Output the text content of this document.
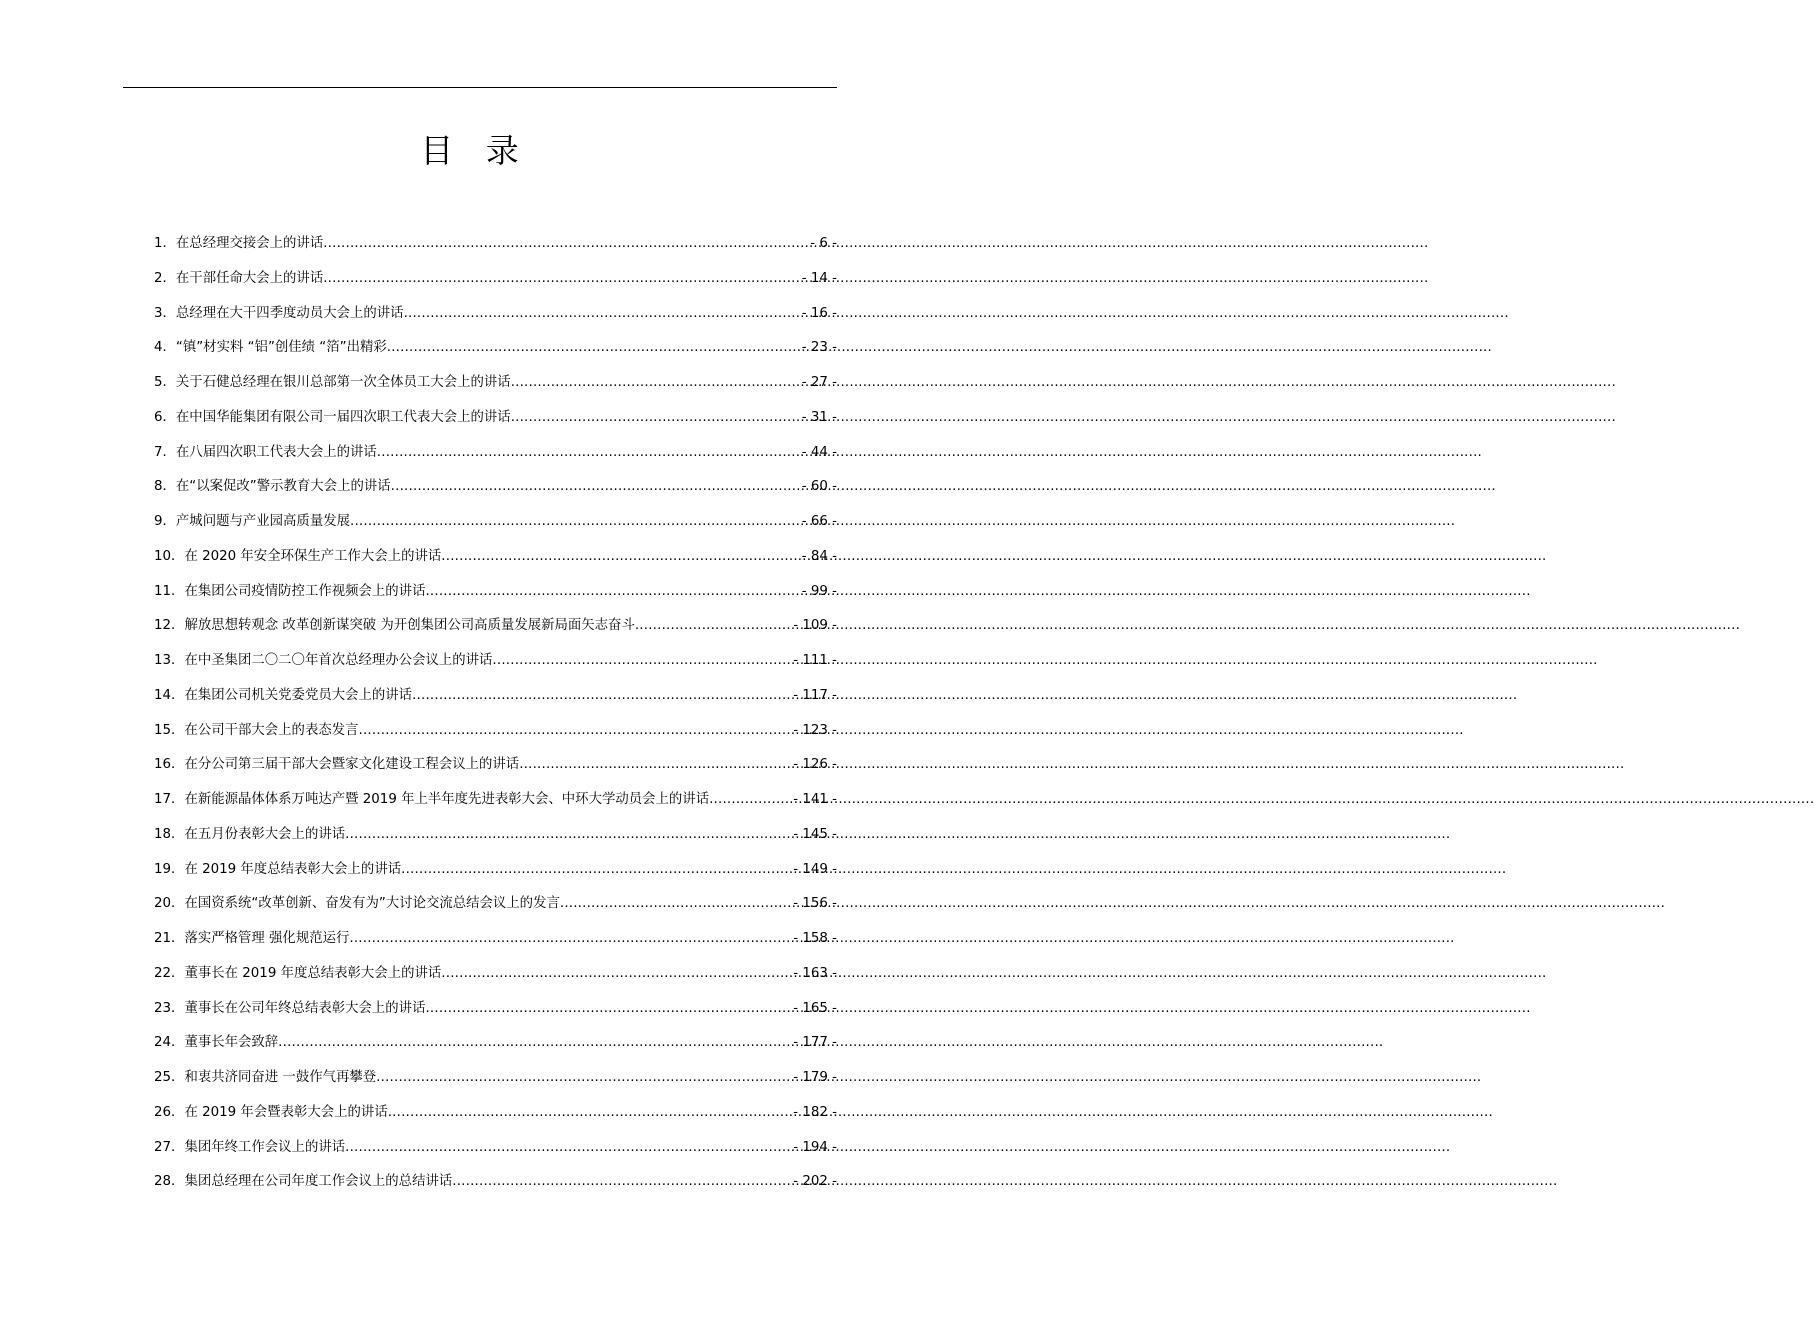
目 录
1． 在总经理交接会上的讲话 .....	- 6 -
2． 在干部任命大会上的讲话 .....	- 14 -
3． 总经理在大干四季度动员大会上的讲话 .....	- 16 -
4． “镇”材实料 “铝”创佳绩 “箔”出精彩 .....	- 23 -
5． 关于石健总经理在银川总部第一次全体员工大会上的讲话 .....	- 27 -
6． 在中国华能集团有限公司一届四次职工代表大会上的讲话 .....	- 31 -
7． 在八届四次职工代表大会上的讲话 .....	- 44 -
8． 在“以案促改”警示教育大会上的讲话 .....	- 60 -
9． 产城问题与产业园高质量发展 .....	- 66 -
10． 在 2020 年安全环保生产工作大会上的讲话 .....	- 84 -
11． 在集团公司疫情防控工作视频会上的讲话 .....	- 99 -
12． 解放思想转观念 改革创新谋突破 为开创集团公司高质量发展新局面矢志奋斗 .....	- 109 -
13． 在中圣集团二〇二〇年首次总经理办公会议上的讲话 .....	- 111 -
14． 在集团公司机关党委党员大会上的讲话 .....	- 117 -
15． 在公司干部大会上的表态发言 .....	- 123 -
16． 在分公司第三届干部大会暨家文化建设工程会议上的讲话 .....	- 126 -
17． 在新能源晶体体系万吨达产暨 2019 年上半年度先进表彰大会、中环大学动员会上的讲话 .....	- 141 -
18． 在五月份表彰大会上的讲话 .....	- 145 -
19． 在 2019 年度总结表彰大会上的讲话 .....	- 149 -
20． 在国资系统“改革创新、奋发有为”大讨论交流总结会议上的发言 .....	- 156 -
21． 落实严格管理 强化规范运行 .....	- 158 -
22． 董事长在 2019 年度总结表彰大会上的讲话 .....	- 163 -
23． 董事长在公司年终总结表彰大会上的讲话 .....	- 165 -
24． 董事长年会致辞 .....	- 177 -
25． 和衷共济同奋进 一鼓作气再攀登 .....	- 179 -
26． 在 2019 年会暨表彰大会上的讲话 .....	- 182 -
27． 集团年终工作会议上的讲话 .....	- 194 -
28． 集团总经理在公司年度工作会议上的总结讲话 .....	- 202 -
